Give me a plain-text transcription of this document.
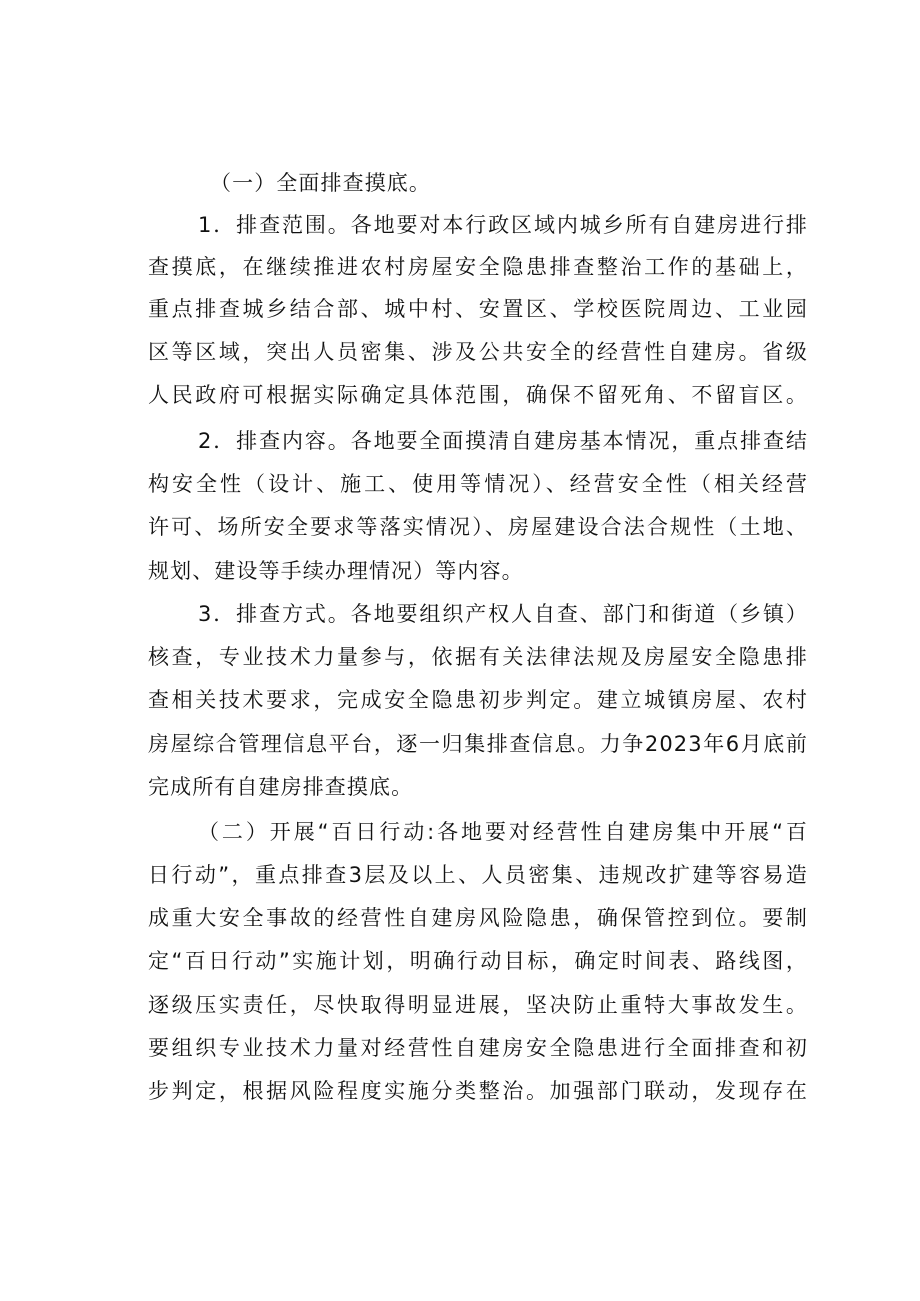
（一）全面排查摸底。
1．排查范围。各地要对本行政区域内城乡所有自建房进行排
查摸底，在继续推进农村房屋安全隐患排查整治工作的基础上，
重点排查城乡结合部、城中村、安置区、学校医院周边、工业园
区等区域，突出人员密集、涉及公共安全的经营性自建房。省级
人民政府可根据实际确定具体范围，确保不留死角、不留盲区。
2．排查内容。各地要全面摸清自建房基本情况，重点排查结
构安全性（设计、施工、使用等情况）、经营安全性（相关经营
许可、场所安全要求等落实情况）、房屋建设合法合规性（土地、
规划、建设等手续办理情况）等内容。
3．排查方式。各地要组织产权人自查、部门和街道（乡镇）
核查，专业技术力量参与，依据有关法律法规及房屋安全隐患排
查相关技术要求，完成安全隐患初步判定。建立城镇房屋、农村
房屋综合管理信息平台，逐一归集排查信息。力争2023年6月底前
完成所有自建房排查摸底。
（二）开展“百日行动:各地要对经营性自建房集中开展“百
日行动”，重点排查3层及以上、人员密集、违规改扩建等容易造
成重大安全事故的经营性自建房风险隐患，确保管控到位。要制
定“百日行动”实施计划，明确行动目标，确定时间表、路线图，
逐级压实责任，尽快取得明显进展，坚决防止重特大事故发生。
要组织专业技术力量对经营性自建房安全隐患进行全面排查和初
步判定，根据风险程度实施分类整治。加强部门联动，发现存在
